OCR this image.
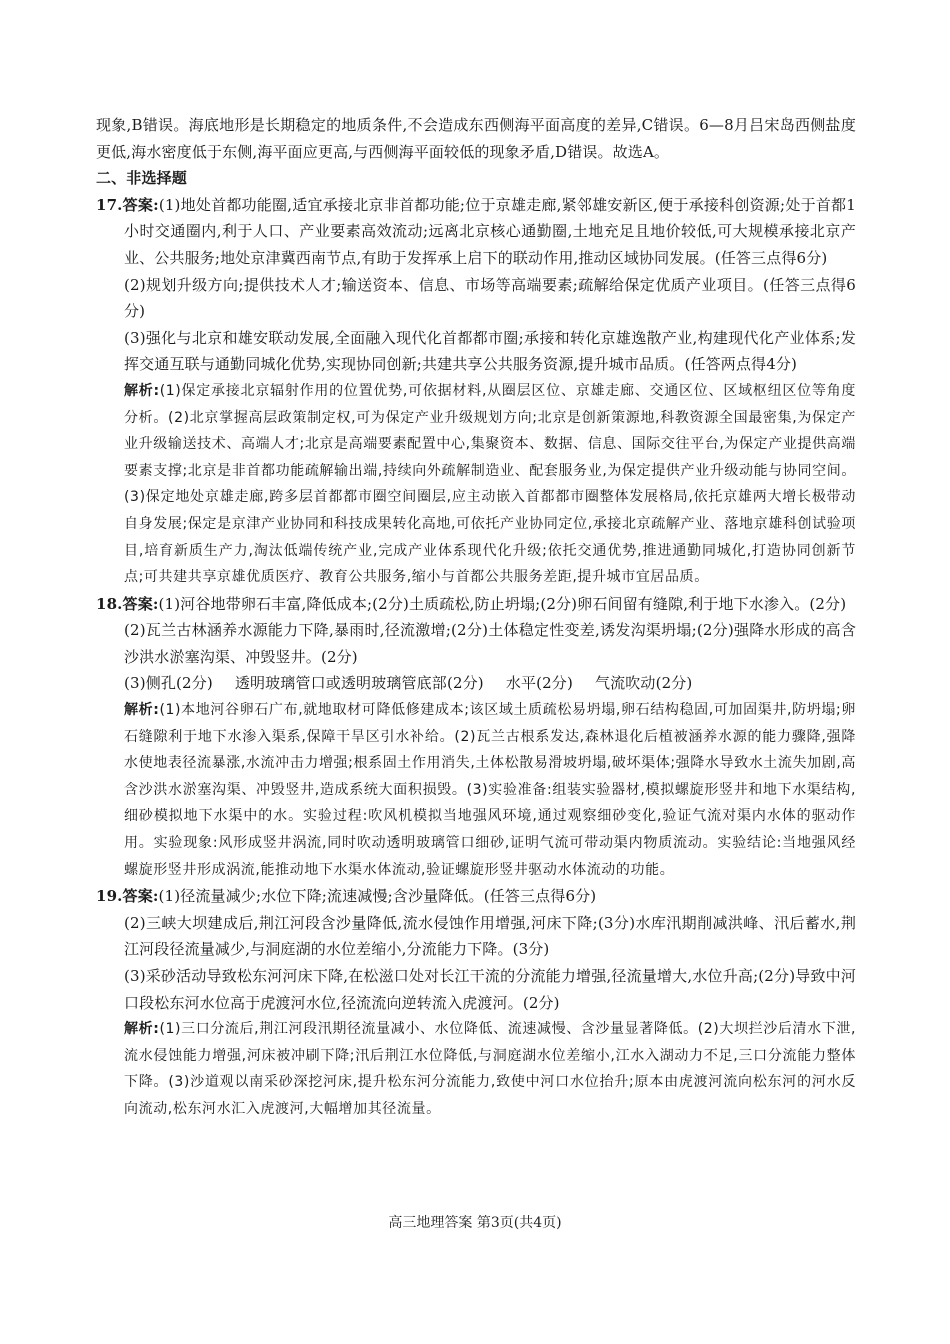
现象,B错误。海底地形是长期稳定的地质条件,不会造成东西侧海平面高度的差异,C错误。6—8月吕宋岛西侧盐度更低,海水密度低于东侧,海平面应更高,与西侧海平面较低的现象矛盾,D错误。故选A。

二、非选择题

17.答案:(1)地处首都功能圈,适宜承接北京非首都功能;位于京雄走廊,紧邻雄安新区,便于承接科创资源;处于首都1小时交通圈内,利于人口、产业要素高效流动;远离北京核心通勤圈,土地充足且地价较低,可大规模承接北京产业、公共服务;地处京津冀西南节点,有助于发挥承上启下的联动作用,推动区域协同发展。(任答三点得6分)

(2)规划升级方向;提供技术人才;输送资本、信息、市场等高端要素;疏解给保定优质产业项目。(任答三点得6分)

(3)强化与北京和雄安联动发展,全面融入现代化首都都市圈;承接和转化京雄逸散产业,构建现代化产业体系;发挥交通互联与通勤同城化优势,实现协同创新;共建共享公共服务资源,提升城市品质。(任答两点得4分)

解析:(1)保定承接北京辐射作用的位置优势,可依据材料,从圈层区位、京雄走廊、交通区位、区域枢纽区位等角度分析。(2)北京掌握高层政策制定权,可为保定产业升级规划方向;北京是创新策源地,科教资源全国最密集,为保定产业升级输送技术、高端人才;北京是高端要素配置中心,集聚资本、数据、信息、国际交往平台,为保定产业提供高端要素支撑;北京是非首都功能疏解输出端,持续向外疏解制造业、配套服务业,为保定提供产业升级动能与协同空间。(3)保定地处京雄走廊,跨多层首都都市圈空间圈层,应主动嵌入首都都市圈整体发展格局,依托京雄两大增长极带动自身发展;保定是京津产业协同和科技成果转化高地,可依托产业协同定位,承接北京疏解产业、落地京雄科创试验项目,培育新质生产力,淘汰低端传统产业,完成产业体系现代化升级;依托交通优势,推进通勤同城化,打造协同创新节点;可共建共享京雄优质医疗、教育公共服务,缩小与首都公共服务差距,提升城市宜居品质。

18.答案:(1)河谷地带卵石丰富,降低成本;(2分)土质疏松,防止坍塌;(2分)卵石间留有缝隙,利于地下水渗入。(2分)

(2)瓦兰古林涵养水源能力下降,暴雨时,径流激增;(2分)土体稳定性变差,诱发沟渠坍塌;(2分)强降水形成的高含沙洪水淤塞沟渠、冲毁竖井。(2分)

(3)侧孔(2分) 透明玻璃管口或透明玻璃管底部(2分) 水平(2分) 气流吹动(2分)

解析:(1)本地河谷卵石广布,就地取材可降低修建成本;该区域土质疏松易坍塌,卵石结构稳固,可加固渠井,防坍塌;卵石缝隙利于地下水渗入渠系,保障干旱区引水补给。(2)瓦兰古根系发达,森林退化后植被涵养水源的能力骤降,强降水使地表径流暴涨,水流冲击力增强;根系固土作用消失,土体松散易滑坡坍塌,破坏渠体;强降水导致水土流失加剧,高含沙洪水淤塞沟渠、冲毁竖井,造成系统大面积损毁。(3)实验准备:组装实验器材,模拟螺旋形竖井和地下水渠结构,细砂模拟地下水渠中的水。实验过程:吹风机模拟当地强风环境,通过观察细砂变化,验证气流对渠内水体的驱动作用。实验现象:风形成竖井涡流,同时吹动透明玻璃管口细砂,证明气流可带动渠内物质流动。实验结论:当地强风经螺旋形竖井形成涡流,能推动地下水渠水体流动,验证螺旋形竖井驱动水体流动的功能。

19.答案:(1)径流量减少;水位下降;流速减慢;含沙量降低。(任答三点得6分)

(2)三峡大坝建成后,荆江河段含沙量降低,流水侵蚀作用增强,河床下降;(3分)水库汛期削减洪峰、汛后蓄水,荆江河段径流量减少,与洞庭湖的水位差缩小,分流能力下降。(3分)

(3)采砂活动导致松东河河床下降,在松滋口处对长江干流的分流能力增强,径流量增大,水位升高;(2分)导致中河口段松东河水位高于虎渡河水位,径流流向逆转流入虎渡河。(2分)

解析:(1)三口分流后,荆江河段汛期径流量减小、水位降低、流速减慢、含沙量显著降低。(2)大坝拦沙后清水下泄,流水侵蚀能力增强,河床被冲刷下降;汛后荆江水位降低,与洞庭湖水位差缩小,江水入湖动力不足,三口分流能力整体下降。(3)沙道观以南采砂深挖河床,提升松东河分流能力,致使中河口水位抬升;原本由虎渡河流向松东河的河水反向流动,松东河水汇入虎渡河,大幅增加其径流量。

高三地理答案 第3页(共4页)
